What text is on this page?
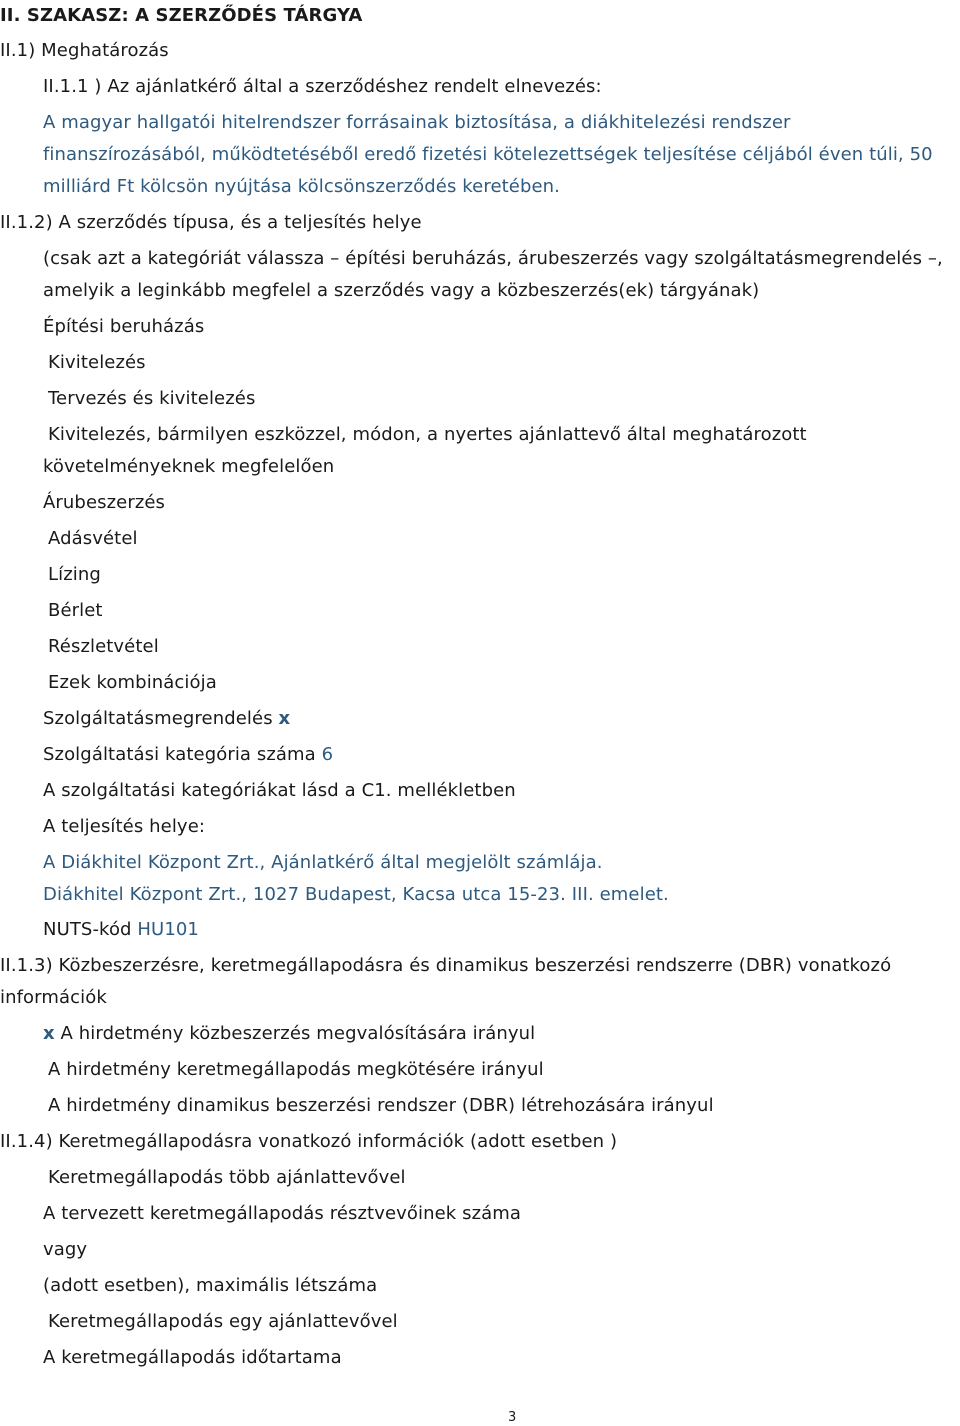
II. SZAKASZ: A SZERZŐDÉS TÁRGYA
II.1) Meghatározás
II.1.1 ) Az ajánlatkérő által a szerződéshez rendelt elnevezés:
A magyar hallgatói hitelrendszer forrásainak biztosítása, a diákhitelezési rendszer
finanszírozásából, működtetéséből eredő fizetési kötelezettségek teljesítése céljából éven túli, 50
milliárd Ft kölcsön nyújtása kölcsönszerződés keretében.
II.1.2) A szerződés típusa, és a teljesítés helye
(csak azt a kategóriát válassza – építési beruházás, árubeszerzés vagy szolgáltatásmegrendelés –,
amelyik a leginkább megfelel a szerződés vagy a közbeszerzés(ek) tárgyának)
Építési beruházás
Kivitelezés
Tervezés és kivitelezés
Kivitelezés, bármilyen eszközzel, módon, a nyertes ajánlattevő által meghatározott
követelményeknek megfelelően
Árubeszerzés
Adásvétel
Lízing
Bérlet
Részletvétel
Ezek kombinációja
Szolgáltatásmegrendelés x
Szolgáltatási kategória száma 6
A szolgáltatási kategóriákat lásd a C1. mellékletben
A teljesítés helye:
A Diákhitel Központ Zrt., Ajánlatkérő által megjelölt számlája.
Diákhitel Központ Zrt., 1027 Budapest, Kacsa utca 15-23. III. emelet.
NUTS-kód HU101
II.1.3) Közbeszerzésre, keretmegállapodásra és dinamikus beszerzési rendszerre (DBR) vonatkozó
információk
x A hirdetmény közbeszerzés megvalósítására irányul
A hirdetmény keretmegállapodás megkötésére irányul
A hirdetmény dinamikus beszerzési rendszer (DBR) létrehozására irányul
II.1.4) Keretmegállapodásra vonatkozó információk (adott esetben )
Keretmegállapodás több ajánlattevővel
A tervezett keretmegállapodás résztvevőinek száma
vagy
(adott esetben), maximális létszáma
Keretmegállapodás egy ajánlattevővel
A keretmegállapodás időtartama
3
